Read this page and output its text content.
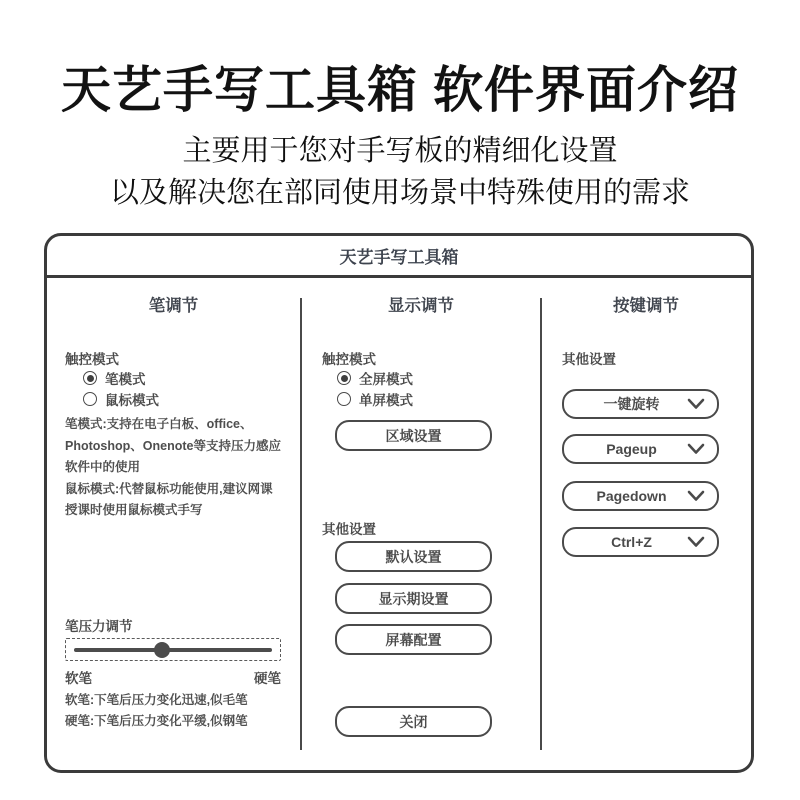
天艺手写工具箱 软件界面介绍

主要用于您对手写板的精细化设置

以及解决您在部同使用场景中特殊使用的需求

天艺手写工具箱
笔调节
触控模式
笔模式
鼠标模式
笔模式:支持在电子白板、office、
Photoshop、Onenote等支持压力感应
软件中的使用
鼠标模式:代替鼠标功能使用,建议网课
授课时使用鼠标模式手写
笔压力调节
软笔	硬笔
软笔:下笔后压力变化迅速,似毛笔
硬笔:下笔后压力变化平缓,似钢笔
显示调节
触控模式
全屏模式
单屏模式
区域设置
其他设置
默认设置
显示期设置
屏幕配置
关闭
按键调节
其他设置
一键旋转
Pageup
Pagedown
Ctrl+Z
